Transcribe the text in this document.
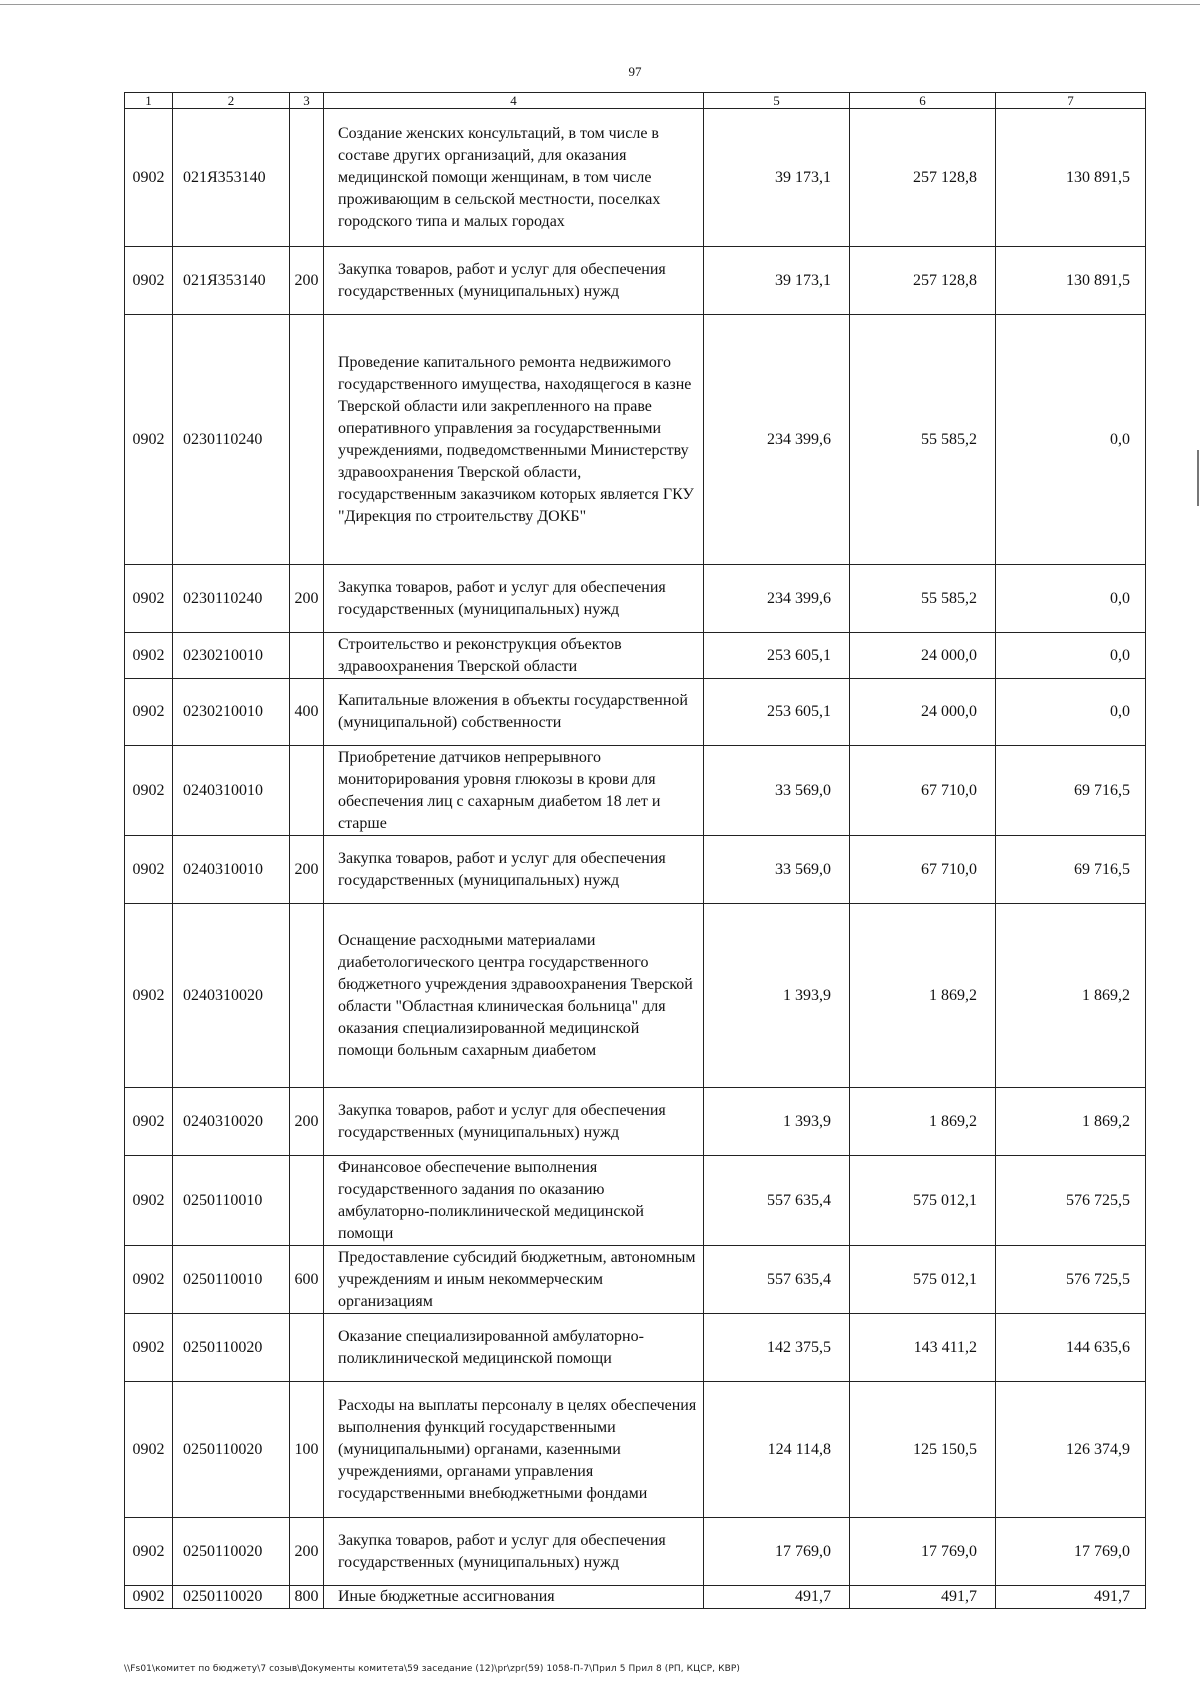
97
1	2	3	4	5	6	7
0902	021Я353140		Создание женских консультаций, в том числе в составе других организаций, для оказания медицинской помощи женщинам, в том числе проживающим в сельской местности, поселках городского типа и малых городах	39 173,1	257 128,8	130 891,5
0902	021Я353140	200	Закупка товаров, работ и услуг для обеспечения государственных (муниципальных) нужд	39 173,1	257 128,8	130 891,5
0902	0230110240		Проведение капитального ремонта недвижимого государственного имущества, находящегося в казне Тверской области или закрепленного на праве оперативного управления за государственными учреждениями, подведомственными Министерству здравоохранения Тверской области, государственным заказчиком которых является ГКУ "Дирекция по строительству ДОКБ"	234 399,6	55 585,2	0,0
0902	0230110240	200	Закупка товаров, работ и услуг для обеспечения государственных (муниципальных) нужд	234 399,6	55 585,2	0,0
0902	0230210010		Строительство и реконструкция объектов здравоохранения Тверской области	253 605,1	24 000,0	0,0
0902	0230210010	400	Капитальные вложения в объекты государственной (муниципальной) собственности	253 605,1	24 000,0	0,0
0902	0240310010		Приобретение датчиков непрерывного мониторирования уровня глюкозы в крови для обеспечения лиц с сахарным диабетом 18 лет и старше	33 569,0	67 710,0	69 716,5
0902	0240310010	200	Закупка товаров, работ и услуг для обеспечения государственных (муниципальных) нужд	33 569,0	67 710,0	69 716,5
0902	0240310020		Оснащение расходными материалами диабетологического центра государственного бюджетного учреждения здравоохранения Тверской области "Областная клиническая больница" для оказания специализированной медицинской помощи больным сахарным диабетом	1 393,9	1 869,2	1 869,2
0902	0240310020	200	Закупка товаров, работ и услуг для обеспечения государственных (муниципальных) нужд	1 393,9	1 869,2	1 869,2
0902	0250110010		Финансовое обеспечение выполнения государственного задания по оказанию амбулаторно-поликлинической медицинской помощи	557 635,4	575 012,1	576 725,5
0902	0250110010	600	Предоставление субсидий бюджетным, автономным учреждениям и иным некоммерческим организациям	557 635,4	575 012,1	576 725,5
0902	0250110020		Оказание специализированной амбулаторно-поликлинической медицинской помощи	142 375,5	143 411,2	144 635,6
0902	0250110020	100	Расходы на выплаты персоналу в целях обеспечения выполнения функций государственными (муниципальными) органами, казенными учреждениями, органами управления государственными внебюджетными фондами	124 114,8	125 150,5	126 374,9
0902	0250110020	200	Закупка товаров, работ и услуг для обеспечения государственных (муниципальных) нужд	17 769,0	17 769,0	17 769,0
0902	0250110020	800	Иные бюджетные ассигнования	491,7	491,7	491,7
\\Fs01\комитет по бюджету\7 созыв\Документы комитета\59 заседание (12)\pr\zpr(59) 1058-П-7\Прил 5 Прил 8 (РП, КЦСР, КВР)
